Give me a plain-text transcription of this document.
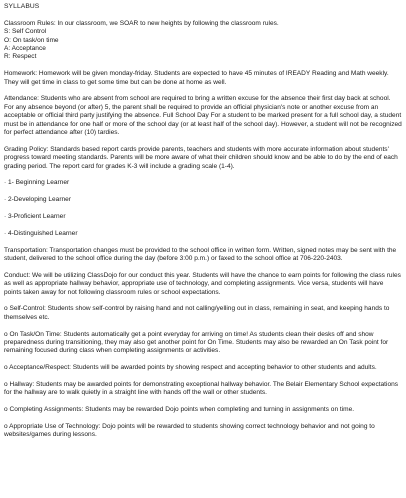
SYLLABUS
Classroom Rules: In our classroom, we SOAR to new heights by following the classroom rules.
S: Self Control
O: On task/on time
A: Acceptance
R: Respect

Homework: Homework will be given monday-friday. Students are expected to have 45 minutes of IREADY Reading and Math weekly. They will get time in class to get some time but can be done at home as well.

Attendance: Students who are absent from school are required to bring a written excuse for the absence their first day back at school. For any absence beyond (or after) 5, the parent shall be required to provide an official physician's note or another excuse from an acceptable or official third party justifying the absence. Full School Day For a student to be marked present for a full school day, a student must be in attendance for one half or more of the school day (or at least half of the school day). However, a student will not be recognized for perfect attendance after (10) tardies.

Grading Policy: Standards based report cards provide parents, teachers and students with more accurate information about students' progress toward meeting standards. Parents will be more aware of what their children should know and be able to do by the end of each grading period. The report card for grades K-3 will include a grading scale (1-4).

· 1- Beginning Learner
· 2-Developing Learner
· 3-Proficient Learner
· 4-Distinguished Learner

Transportation: Transportation changes must be provided to the school office in written form. Written, signed notes may be sent with the student, delivered to the school office during the day (before 3:00 p.m.) or faxed to the school office at 706-220-2403.

Conduct: We will be utilizing ClassDojo for our conduct this year. Students will have the chance to earn points for following the class rules as well as appropriate hallway behavior, appropriate use of technology, and completing assignments. Vice versa, students will have points taken away for not following classroom rules or school expectations.

o Self-Control: Students show self-control by raising hand and not calling/yelling out in class, remaining in seat, and keeping hands to themselves etc.

o On Task/On Time: Students automatically get a point everyday for arriving on time! As students clean their desks off and show preparedness during transitioning, they may also get another point for On Time. Students may also be rewarded an On Task point for remaining focused during class when completing assignments or activities.

o Acceptance/Respect: Students will be awarded points by showing respect and accepting behavior to other students and adults.

o Hallway: Students may be awarded points for demonstrating exceptional hallway behavior. The Belair Elementary School expectations for the hallway are to walk quietly in a straight line with hands off the wall or other students.

o Completing Assignments: Students may be rewarded Dojo points when completing and turning in assignments on time.

o Appropriate Use of Technology: Dojo points will be rewarded to students showing correct technology behavior and not going to websites/games during lessons.
